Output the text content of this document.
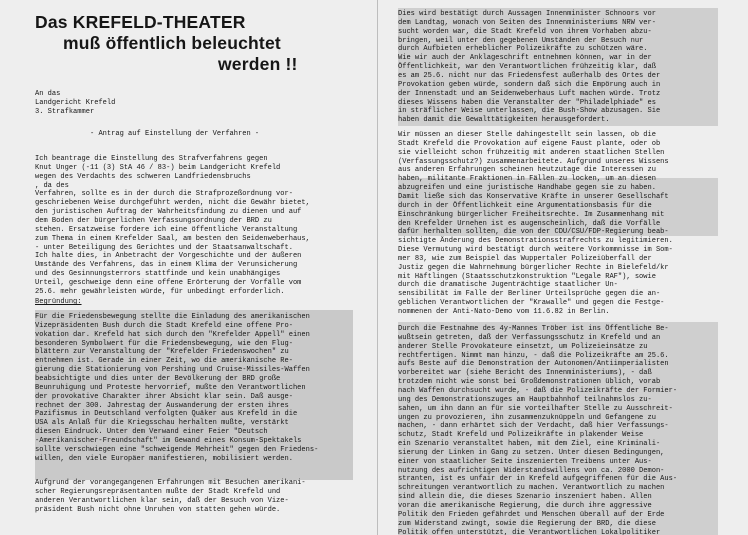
Das KREFELD-THEATER
muß öffentlich beleuchtet
werden !!
- Antrag auf Einstellung der Verfahren -
Begründung:
An das
Landgericht Krefeld
3. Strafkammer
Ich beantrage die Einstellung des Strafverfahrens gegen
Knut Unger (-11 (3) StA 46 / 83-) beim Landgericht Krefeld
wegen des Verdachts des schweren Landfriedensbruchs
, da des
Verfahren, sollte es in der durch die Strafprozeßordnung vor-
geschriebenen Weise durchgeführt werden, nicht die Gewähr bietet,
den juristischen Auftrag der Wahrheitsfindung zu dienen und auf
dem Boden der bürgerlichen Verfassungsordnung der BRD zu
stehen. Ersatzweise fordere ich eine öffentliche Veranstaltung
zum Thema in einem Krefelder Saal, am besten den Seidenweberhaus,
- unter Beteiligung des Gerichtes und der Staatsanwaltschaft.
Ich halte dies, in Anbetracht der Vorgeschichte und der äußeren
Umstände des Verfahrens, das in einem Klima der Verunsicherung
und des Gesinnungsterrors stattfinde und kein unabhängiges
Urteil, geschweige denn eine offene Erörterung der Vorfälle vom
25.6. mehr gewährleisten würde, für unbedingt erforderlich.
Für die Friedensbewegung stellte die Einladung des amerikanischen
Vizepräsidenten Bush durch die Stadt Krefeld eine offene Pro-
vokation dar. Krefeld hat sich durch den "Krefelder Appell" einen
besonderen Symbolwert für die Friedensbewegung, wie den Flug-
blättern zur Veranstaltung der "Krefelder Friedenswochen" zu
entnehmen ist. Gerade in einer Zeit, wo die amerikanische Re-
gierung die Stationierung von Pershing und Cruise-Missiles-Waffen
beabsichtigte und dies unter der Bevölkerung der BRD große
Beunruhigung und Proteste hervorrief, mußte den Verantwortlichen
der provokative Charakter ihrer Absicht klar sein. Daß ausge-
rechnet der 300. Jahrestag der Auswanderung der ersten ihres
Pazifismus in Deutschland verfolgten Quäker aus Krefeld in die
USA als Anlaß für die Kriegsschau herhalten mußte, verstärkt
diesen Eindruck. Unter dem Verwand einer Feier "Deutsch
-Amerikanischer-Freundschaft" im Gewand eines Konsum-Spektakels
sollte verschwiegen eine "schweigende Mehrheit" gegen den Friedens-
willen, den viele Europäer manifestieren, mobilisiert werden.
Aufgrund der vorangegangenen Erfahrungen mit Besuchen amerikani-
scher Regierungsrepräsentanten mußte der Stadt Krefeld und
anderen Verantwortlichen klar sein, daß der Besuch von Vize-
präsident Bush nicht ohne Unruhen von statten gehen würde.
Dies wird bestätigt durch Aussagen Innenminister Schnoors vor
dem Landtag, wonach von Seiten des Innenministeriums NRW ver-
sucht worden war, die Stadt Krefeld von ihrem Vorhaben abzu-
bringen, weil unter den gegebenen Umständen der Besuch nur
durch Aufbieten erheblicher Polizeikräfte zu schützen wäre.
Wie wir auch der Anklageschrift entnehmen können, war in der
Öffentlichkeit, war den Verantwortlichen frühzeitig klar, daß
es am 25.6. nicht nur das Friedensfest außerhalb des Ortes der
Provokation geben würde, sondern daß sich die Empörung auch in
der Innenstadt und am Seidenweberhaus Luft machen würde. Trotz
dieses Wissens haben die Veranstalter der "Philadelphiade" es
in sträflicher Weise unterlassen, die Bush-Show abzusagen. Sie
haben damit die Gewalttätigkeiten herausgefordert.
Wir müssen an dieser Stelle dahingestellt sein lassen, ob die
Stadt Krefeld die Provokation auf eigene Faust plante, oder ob
sie vielleicht schon frühzeitig mit anderen staatlichen Stellen
(Verfassungsschutz?) zusammenarbeitete. Aufgrund unseres Wissens
aus anderen Erfahrungen scheinen heutzutage die Interessen zu
haben, militante Fraktionen in Fällen zu locken, um an diesen
abzugreifen und eine juristische Handhabe gegen sie zu haben.
Damit ließe sich das Konservative Kräfte in unserer Gesellschaft
durch in der Öffentlichkeit eine Argumentationsbasis für die
Einschränkung bürgerlicher Freiheitsrechte. Im Zusammenhang mit
den Krefelder Urnehen ist es augenscheinlich, daß die Vorfälle
dafür herhalten sollten, die von der CDU/CSU/FDP-Regierung beab-
sichtigte Änderung des Demonstrationsstrafrechts zu legitimieren.
Diese Vermutung wird bestätigt durch weitere Vorkommnisse im Som-
mer 83, wie zum Beispiel das Wuppertaler Polizeiüberfall der
Justiz gegen die Wahrnehmung bürgerlicher Rechte in Bielefeld/kr
mit Häftlingen (Staatsschutzkonstruktion "Legale RAF"), sowie
durch die dramatische Jugenträchtige staatlicher Un-
sensibilität im Falle der Berliner Urteilsprüche gegen die an-
geblichen Verantwortlichen der "Krawalle" und gegen die Festge-
nommenen der Anti-Nato-Demo vom 11.6.82 in Berlin.
Durch die Festnahme des 4y-Mannes Tröber ist ins Öffentliche Be-
wußtsein getreten, daß der Verfassungsschutz in Krefeld und an
anderer Stelle Provokateure einsetzt, um Polizeieinsätze zu
rechtfertigen. Nimmt man hinzu, - daß die Polizeikräfte am 25.6.
aufs Beste auf die Demonstration der Autonomen/Antiimperialisten
vorbereitet war (siehe Bericht des Innenministeriums), - daß
trotzdem nicht wie sonst bei Großdemonstrationen üblich, vorab
nach Waffen durchsucht wurde, - daß die Polizeikräfte der Formier-
ung des Demonstrationszuges am Hauptbahnhof teilnahmslos zu-
sahen, um ihn dann an für sie vorteilhafter Stelle zu Ausschreit-
ungen zu provozieren, ihn zusammenzuknüppeln und Gefangene zu
machen, - dann erhärtet sich der Verdacht, daß hier Verfassungs-
schutz, Stadt Krefeld und Polizeikräfte in plakender Weise
ein Szenario veranstaltet haben, mit dem Ziel, eine Kriminali-
sierung der Linken in Gang zu setzen. Unter diesen Bedingungen,
einer von staatlicher Seite inszenierten Treibens unter Aus-
nutzung des aufrichtigen Widerstandswillens von ca. 2000 Demon-
stranten, ist es unfair der in Krefeld aufgegriffenen für die Aus-
schreitungen verantwortlich zu machen. Verantwortlich zu machen
sind allein die, die dieses Szenario inszeniert haben. Allen
voran die amerikanische Regierung, die durch ihre aggressive
Politik den Frieden gefährdet und Menschen überall auf der Erde
zum Widerstand zwingt, sowie die Regierung der BRD, die diese
Politik offen unterstützt, die Verantwortlichen Lokalpolitiker
